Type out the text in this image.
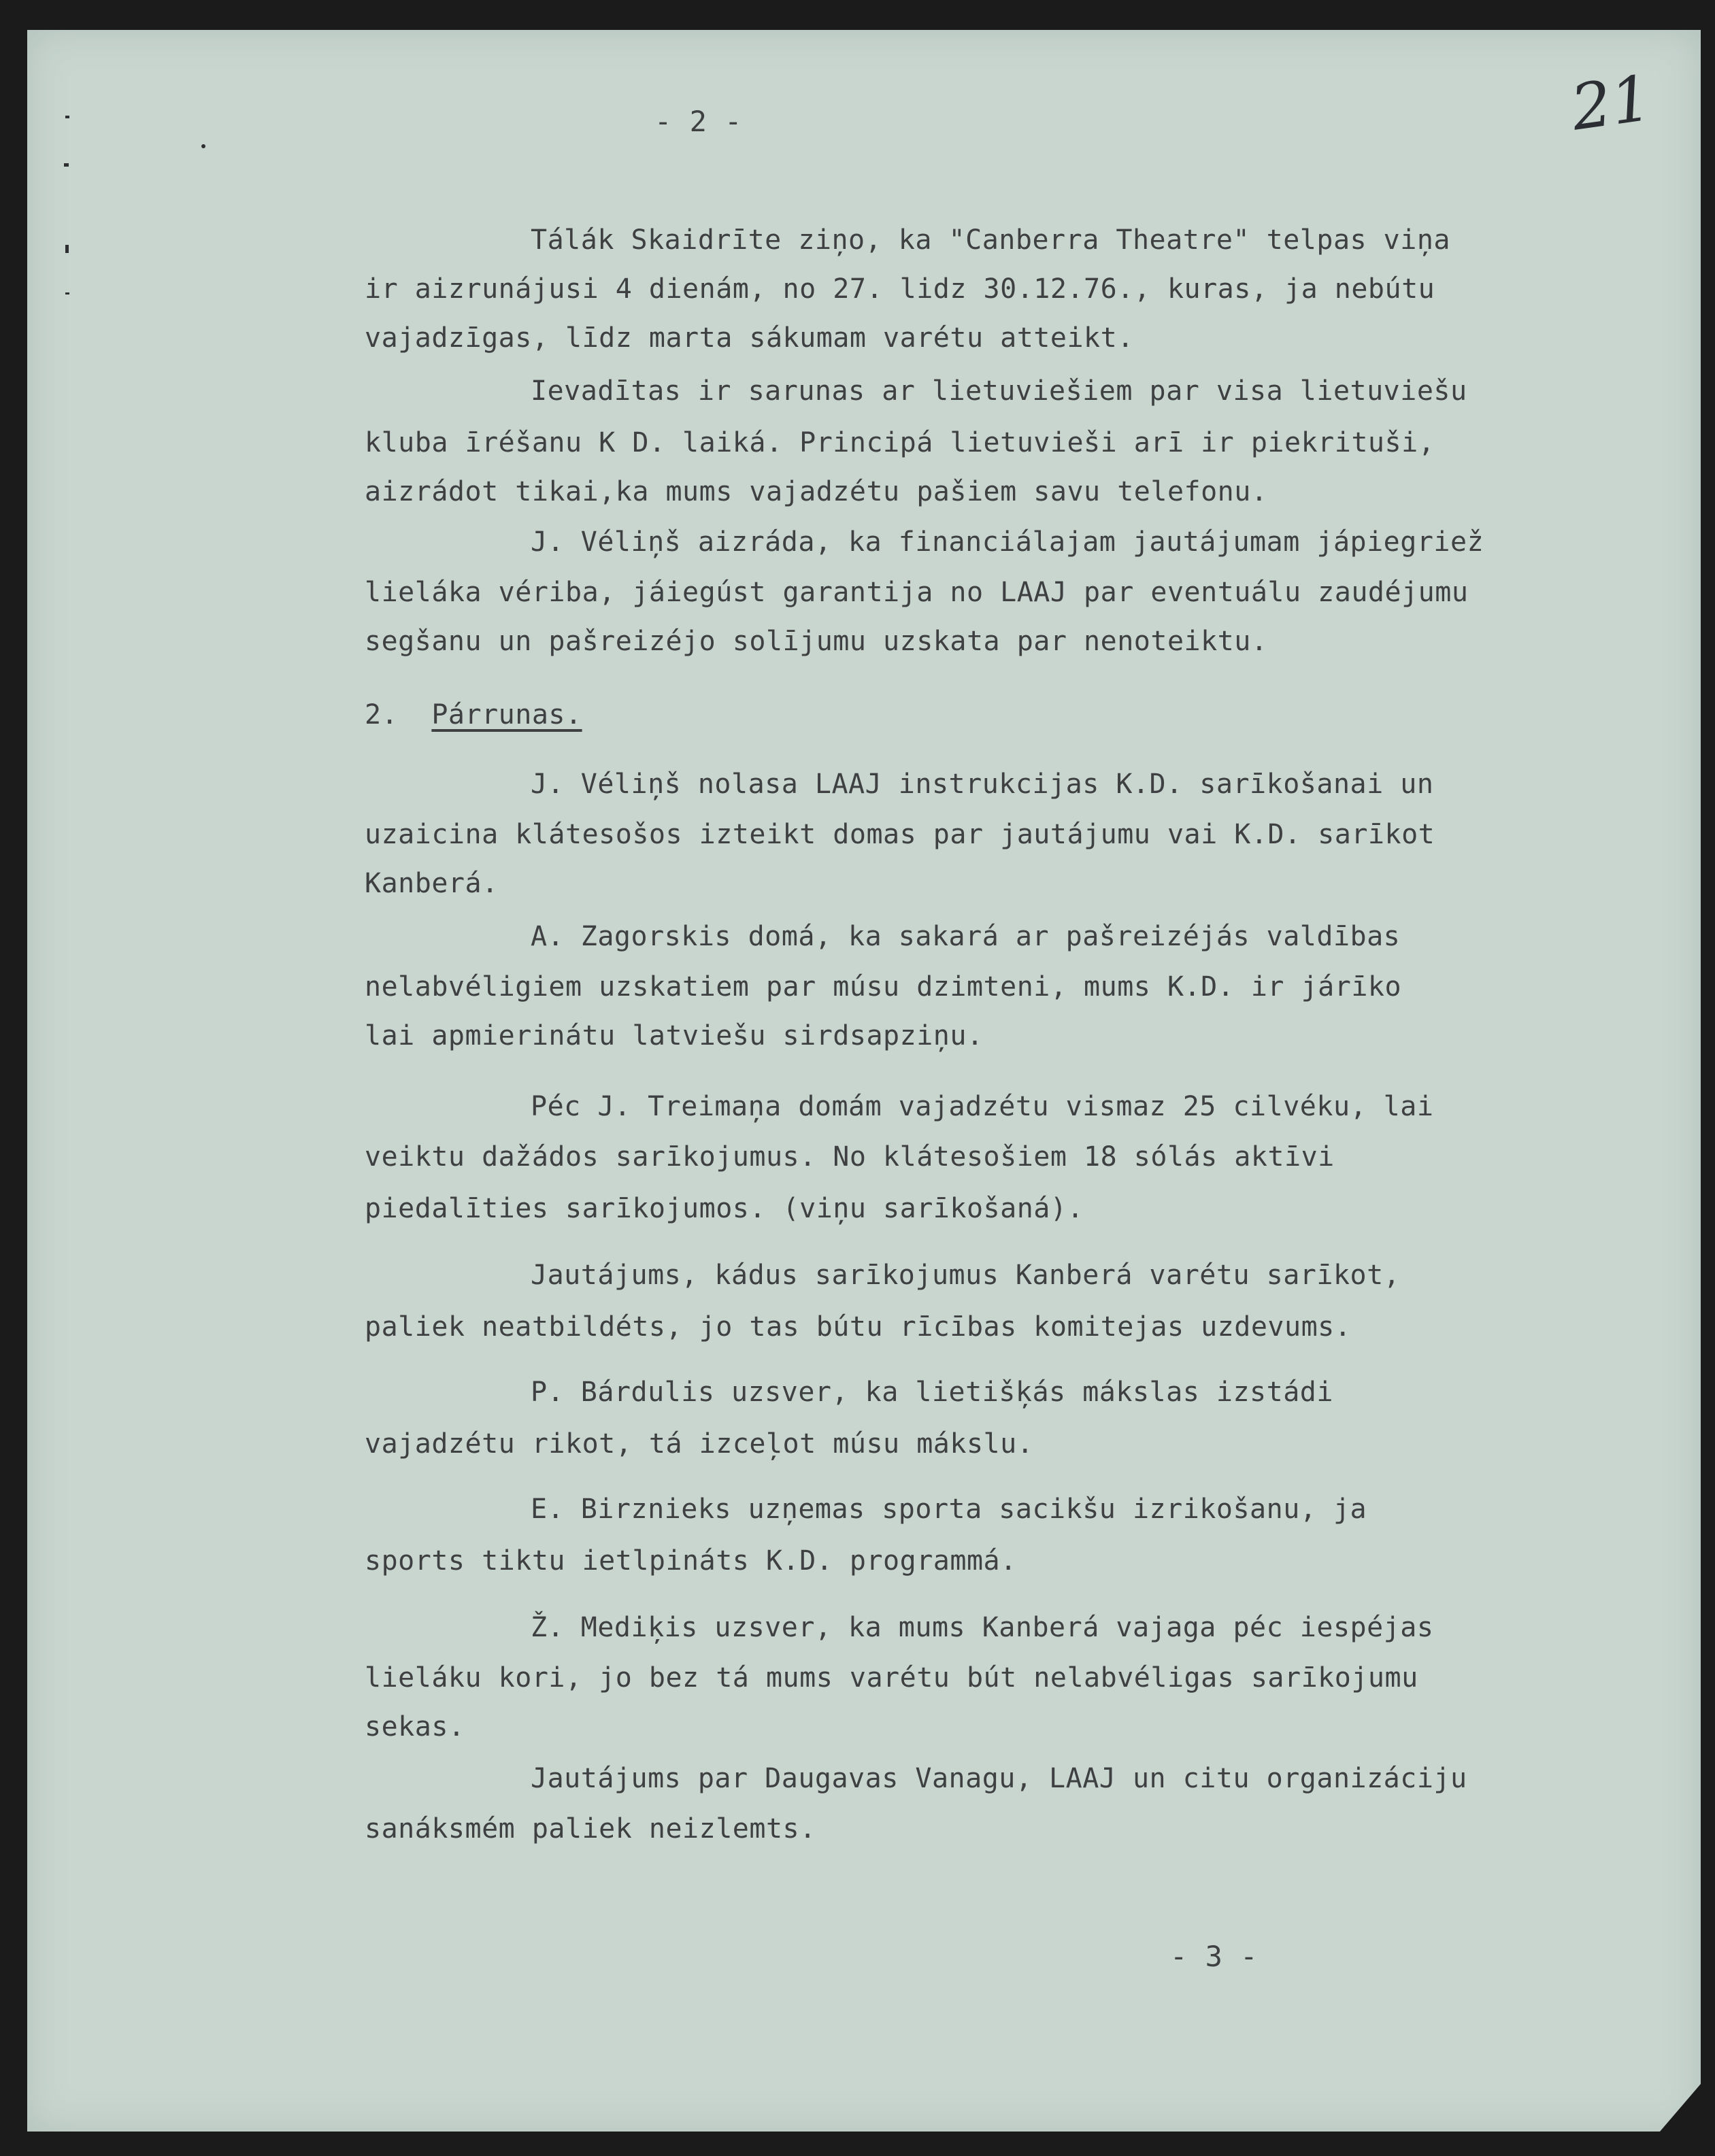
- 2 -	21
Tálák Skaidrīte ziņo, ka "Canberra Theatre" telpas viņa
ir aizrunájusi 4 dienám, no 27. lidz 30.12.76., kuras, ja nebútu
vajadzīgas, līdz marta sákumam varétu atteikt.
Ievadītas ir sarunas ar lietuviešiem par visa lietuviešu
kluba īréšanu K D. laiká. Principá lietuvieši arī ir piekrituši,
aizrádot tikai,ka mums vajadzétu pašiem savu telefonu.
J. Véliņš aizráda, ka financiálajam jautájumam jápiegriež
lieláka vériba, jáiegúst garantija no LAAJ par eventuálu zaudéjumu
segšanu un pašreizéjo solījumu uzskata par nenoteiktu.
2. Párrunas.
J. Véliņš nolasa LAAJ instrukcijas K.D. sarīkošanai un
uzaicina klátesošos izteikt domas par jautájumu vai K.D. sarīkot
Kanberá.
A. Zagorskis domá, ka sakará ar pašreizéjás valdības
nelabvéligiem uzskatiem par músu dzimteni, mums K.D. ir járīko
lai apmierinátu latviešu sirdsapziņu.
Péc J. Treimaņa domám vajadzétu vismaz 25 cilvéku, lai
veiktu dažádos sarīkojumus. No klátesošiem 18 sólás aktīvi
piedalīties sarīkojumos. (viņu sarīkošaná).
Jautájums, kádus sarīkojumus Kanberá varétu sarīkot,
paliek neatbildéts, jo tas bútu rīcības komitejas uzdevums.
P. Bárdulis uzsver, ka lietišķás mákslas izstádi
vajadzétu rikot, tá izceļot músu mákslu.
E. Birznieks uzņemas sporta sacikšu izrikošanu, ja
sports tiktu ietlpináts K.D. programmá.
Ž. Mediķis uzsver, ka mums Kanberá vajaga péc iespéjas
lieláku kori, jo bez tá mums varétu bút nelabvéligas sarīkojumu
sekas.
Jautájums par Daugavas Vanagu, LAAJ un citu organizáciju
sanáksmém paliek neizlemts.
- 3 -
